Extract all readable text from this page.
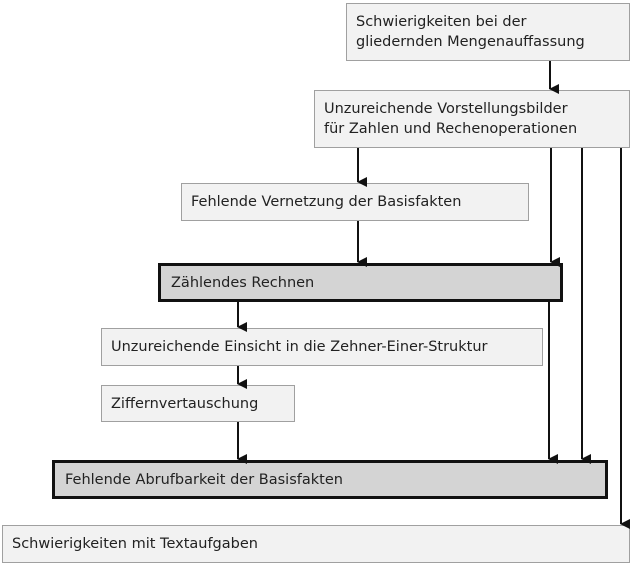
Schwierigkeiten bei der
gliedernden Mengenauffassung
Unzureichende Vorstellungsbilder
für Zahlen und Rechenoperationen
Fehlende Vernetzung der Basisfakten
Zählendes Rechnen
Unzureichende Einsicht in die Zehner-Einer-Struktur
Ziffernvertauschung
Fehlende Abrufbarkeit der Basisfakten
Schwierigkeiten mit Textaufgaben
